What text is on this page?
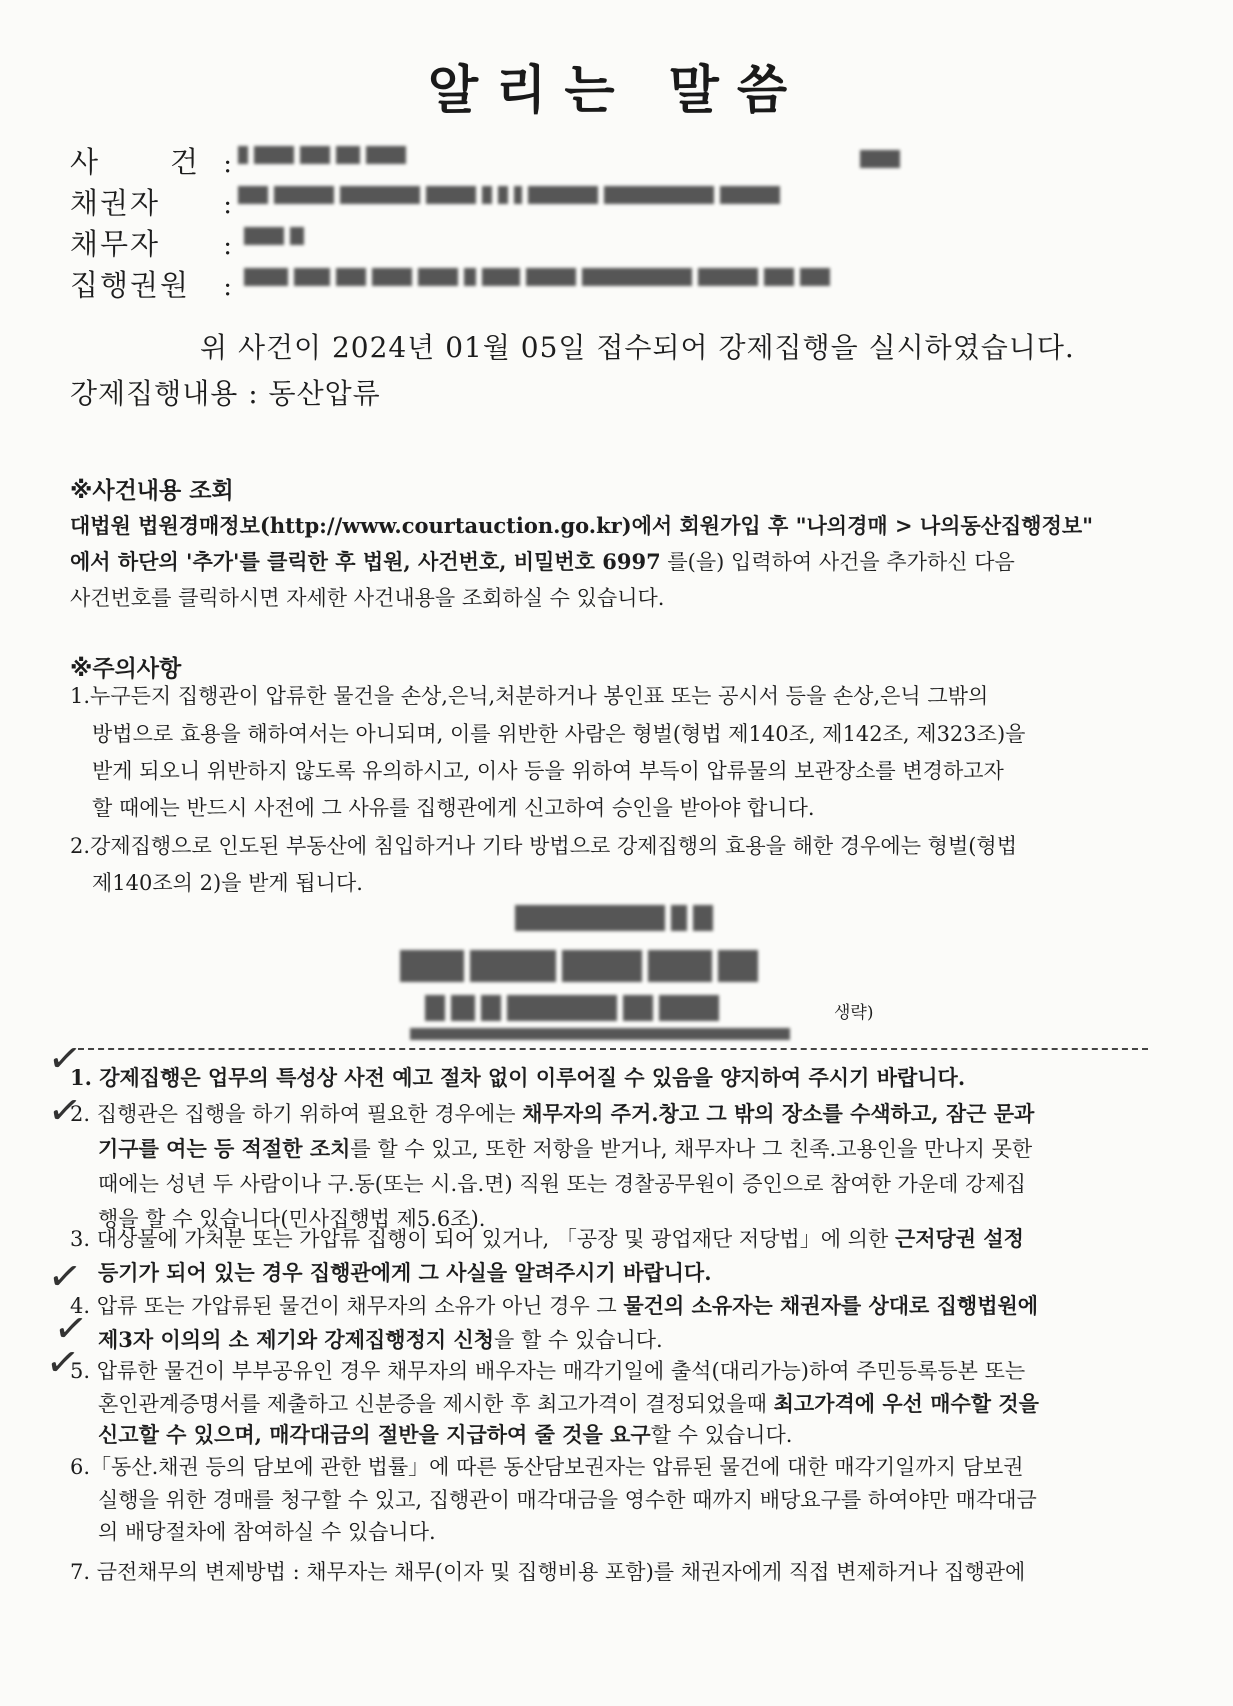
알리는 말씀
사 건 :
채권자 :
채무자 :
집행권원 :
위 사건이 2024년 01월 05일 접수되어 강제집행을 실시하였습니다.
강제집행내용 : 동산압류
※사건내용 조회
대법원 법원경매정보(http://www.courtauction.go.kr)에서 회원가입 후 "나의경매 > 나의동산집행정보"
에서 하단의 '추가'를 클릭한 후 법원, 사건번호, 비밀번호 6997 를(을) 입력하여 사건을 추가하신 다음
사건번호를 클릭하시면 자세한 사건내용을 조회하실 수 있습니다.
※주의사항
1.누구든지 집행관이 압류한 물건을 손상,은닉,처분하거나 봉인표 또는 공시서 등을 손상,은닉 그밖의
방법으로 효용을 해하여서는 아니되며, 이를 위반한 사람은 형벌(형법 제140조, 제142조, 제323조)을
받게 되오니 위반하지 않도록 유의하시고, 이사 등을 위하여 부득이 압류물의 보관장소를 변경하고자
할 때에는 반드시 사전에 그 사유를 집행관에게 신고하여 승인을 받아야 합니다.
2.강제집행으로 인도된 부동산에 침입하거나 기타 방법으로 강제집행의 효용을 해한 경우에는 형벌(형법
제140조의 2)을 받게 됩니다.
생략)
✓
✓
✓
✓
✓
1. 강제집행은 업무의 특성상 사전 예고 절차 없이 이루어질 수 있음을 양지하여 주시기 바랍니다.
2. 집행관은 집행을 하기 위하여 필요한 경우에는 채무자의 주거.창고 그 밖의 장소를 수색하고, 잠근 문과
기구를 여는 등 적절한 조치를 할 수 있고, 또한 저항을 받거나, 채무자나 그 친족.고용인을 만나지 못한
때에는 성년 두 사람이나 구.동(또는 시.읍.면) 직원 또는 경찰공무원이 증인으로 참여한 가운데 강제집
행을 할 수 있습니다(민사집행법 제5.6조).
3. 대상물에 가처분 또는 가압류 집행이 되어 있거나, 「공장 및 광업재단 저당법」에 의한 근저당권 설정
등기가 되어 있는 경우 집행관에게 그 사실을 알려주시기 바랍니다.
4. 압류 또는 가압류된 물건이 채무자의 소유가 아닌 경우 그 물건의 소유자는 채권자를 상대로 집행법원에
제3자 이의의 소 제기와 강제집행정지 신청을 할 수 있습니다.
5. 압류한 물건이 부부공유인 경우 채무자의 배우자는 매각기일에 출석(대리가능)하여 주민등록등본 또는
혼인관계증명서를 제출하고 신분증을 제시한 후 최고가격이 결정되었을때 최고가격에 우선 매수할 것을
신고할 수 있으며, 매각대금의 절반을 지급하여 줄 것을 요구할 수 있습니다.
6.「동산.채권 등의 담보에 관한 법률」에 따른 동산담보권자는 압류된 물건에 대한 매각기일까지 담보권
실행을 위한 경매를 청구할 수 있고, 집행관이 매각대금을 영수한 때까지 배당요구를 하여야만 매각대금
의 배당절차에 참여하실 수 있습니다.
7. 금전채무의 변제방법 : 채무자는 채무(이자 및 집행비용 포함)를 채권자에게 직접 변제하거나 집행관에
